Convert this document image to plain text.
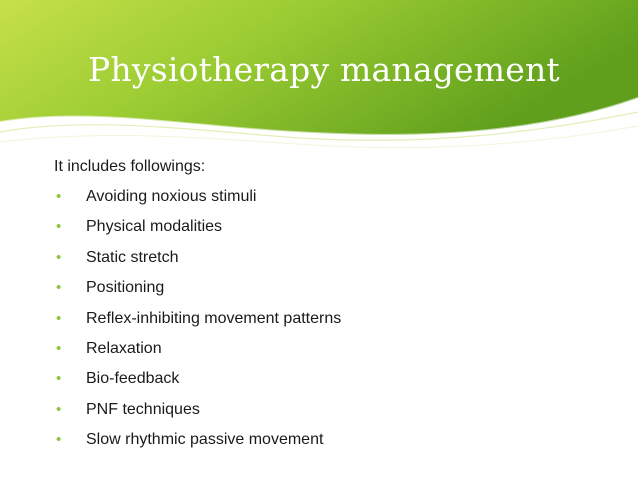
Physiotherapy management
It includes followings:
• Avoiding noxious stimuli
• Physical modalities
• Static stretch
• Positioning
• Reflex-inhibiting movement patterns
• Relaxation
• Bio-feedback
• PNF techniques
• Slow rhythmic passive movement
